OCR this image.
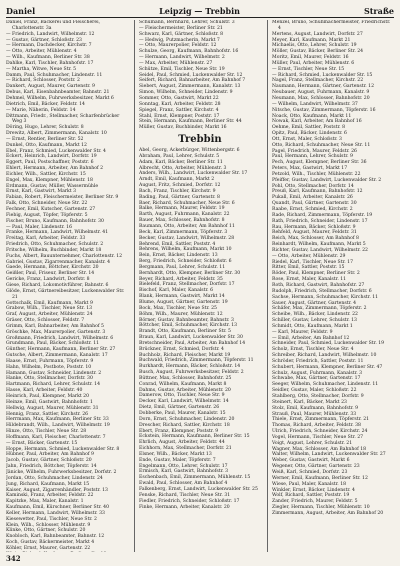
Daniel	Leipzig — Trebbin	Straße

Daniel, Franz, Bäckerei und Fleischerei, Charlottenstr. 3a

— Friedrich, Landwirt, Wilhelmstr. 12

— Gustav, Gärtner, Schloßstr. 23

— Hermann, Dachdecker, Kirchstr. 7

— Otto, Arbeiter, Mühlenstr. 4

— Wilh., Kaufmann, Berliner Str. 38

Dahlke, Karl, Tischler, Bahnhofstr. 17

— Martha, Witwe, Neue Str. 5

Damm, Paul, Schuhmacher, Lindenstr. 11

— Richard, Schlosser, Poststr. 2

Dankert, August, Maurer, Gartenstr. 9

Debus, Karl, Eisenbahnbeamter, Bahnstr. 21

Dehmel, Wilhelm, Fuhrwerksbesitzer, Markt 6

Dietrich, Emil, Bäcker, Feldstr. 14

— Marie, Näherin, Feldstr. 14

Dittmann, Friedr., Stellmacher, Scharfenbrücker Weg 3

Döring, Hugo, Lehrer, Schulstr. 8

Drewitz, Albert, Zimmermann, Kanalstr. 10

— Ernst, Rentier, Berliner Str. 52

Dunkel, Otto, Kaufmann, Markt 12

Ebel, Franz, Schmied, Luckenwalder Str. 4

Eckert, Heinrich, Landwirt, Dorfstr. 19

Eggert, Paul, Postschaffner, Poststr. 6

Ehlert, Hermann, Arbeiter, Am Bahnhof 2

Eichler, Wilh., Sattler, Kirchstr. 15

Engel, Max, Klempner, Mühlenstr. 18

Erdmann, Gustav, Müller, Wassermühle

Ernst, Karl, Gastwirt, Markt 3

Fabian, Robert, Fleischermeister, Berliner Str. 9

Falk, Otto, Schneider, Neue Str. 22

Fechner, Emil, Kutscher, Gartenstr. 27

Fiebig, August, Töpfer, Töpferstr. 5

Fischer, Bruno, Kaufmann, Bahnhofstr. 30

— Paul, Maler, Lindenstr. 16

Franke, Hermann, Landwirt, Wilhelmstr. 41

Freitag, Karl, Arbeiter, Feldstr. 33

Friedrich, Otto, Schuhmacher, Schulstr. 2

Fritsche, Wilhelm, Buchbinder, Markt 18

Fuchs, Albert, Bauunternehmer, Charlottenstr. 12

Gabriel, Gustav, Zigarrenmacher, Kanalstr. 4

Gaede, Hermann, Böttcher, Kirchstr. 20

Geißler, Paul, Friseur, Berliner Str. 14

Gericke, Franz, Landwirt, Dorfstr. 8

Giese, Richard, Lokomotivführer, Bahnstr. 6

Glöde, Ernst, Gärtnereibesitzer, Luckenwalder Str. 21

Gottschalk, Emil, Kaufmann, Markt 9

Grabow, Wilh., Tischler, Neue Str. 13

Graf, August, Arbeiter, Mühlenstr. 24

Gräser, Otto, Schlosser, Feldstr. 7

Grimm, Karl, Bahnarbeiter, Am Bahnhof 5

Gröschke, Max, Maurerpolier, Gartenstr. 3

Großmann, Friedrich, Landwirt, Wilhelmstr. 6

Grundmann, Paul, Bäcker, Schloßstr. 11

Günther, Hermann, Kaufmann, Berliner Str. 27

Gutsche, Albert, Zimmermann, Kanalstr. 17

Haase, Ernst, Fuhrmann, Töpferstr. 9

Hahn, Wilhelm, Postbote, Poststr. 10

Hamann, Gustav, Schneider, Lindenstr. 2

Hanke, Otto, Stellmacher, Dorfstr. 30

Hartmann, Richard, Lehrer, Schulstr. 14

Hasse, Karl, Arbeiter, Feldstr. 40

Heinrich, Paul, Klempner, Markt 20

Heinze, Emil, Gastwirt, Bahnhofstr. 1

Hellwig, August, Maurer, Mühlenstr. 31

Hennig, Franz, Sattler, Kirchstr. 26

Herrmann, Max, Kaufmann, Berliner Str. 33

Hildebrandt, Wilh., Landwirt, Wilhelmstr. 19

Hinze, Otto, Tischler, Neue Str. 28

Hoffmann, Karl, Fleischer, Charlottenstr. 7

— Ernst, Bäcker, Gartenstr. 15

Hoppe, Hermann, Schmied, Luckenwalder Str. 8

Hübner, Paul, Arbeiter, Am Bahnhof 9

Jacob, Gustav, Gärtner, Schloßstr. 20

Jahn, Friedrich, Böttcher, Töpferstr. 14

Jänicke, Wilhelm, Fuhrwerksbesitzer, Dorfstr. 2

Jordan, Otto, Schuhmacher, Lindenstr. 24

Jung, Richard, Kaufmann, Markt 15

Kaiser, August, Zigarrenhändler, Poststr. 13

Kaminski, Franz, Arbeiter, Feldstr. 22

Kapitzke, Max, Maler, Kanalstr. 1

Kaufmann, Emil, Kürschner, Berliner Str. 40

Keller, Hermann, Landwirt, Wilhelmstr. 33

Kiesewetter, Paul, Tischler, Neue Str. 2

Klein, Wilh., Schlosser, Mühlenstr. 9

Klinke, Otto, Gärtner, Schulstr. 20

Knobloch, Karl, Bahnbeamter, Bahnstr. 12

Koch, Gustav, Bäckermeister, Markt 4

Köhler, Ernst, Maurer, Gartenstr. 22

Schumann, Bernhard, Lehrer, Schulstr. 3

— Fleischermeister, Berliner Str. 21

Schwarz, Karl, Gärtner, Schloßstr. 8

— Hedwig, Putzmacherin, Markt 7

— Otto, Maurerpolier, Feldstr. 12

Schulze, Georg, Kaufmann, Bahnhofstr. 16

— Hermann, Landwirt, Wilhelmstr. 2

— Max, Arbeiter, Mühlenstr. 27

Schütze, Emil, Tischler, Neue Str. 19

Seidel, Paul, Schmied, Luckenwalder Str. 12

Seifert, Richard, Bahnarbeiter, Am Bahnhof 7

Siebert, August, Zimmermann, Kanalstr. 13

Simon, Wilhelm, Schneider, Lindenstr. 9

Sommer, Otto, Gastwirt, Markt 22

Sonntag, Karl, Arbeiter, Feldstr. 28

Spiegel, Franz, Sattler, Kirchstr. 4

Stahl, Ernst, Klempner, Poststr. 17

Stein, Hermann, Kaufmann, Berliner Str. 44

Müller, Gustav, Buchbinder, Markt 16

Trebbin

Abel, Georg, Ackerbürger, Wittenbergstr. 6

Abraham, Paul, Lehrer, Schulstr. 5

Adam, Karl, Bäcker, Berliner Str. 11

Albrecht, Otto, Arbeiter, Mühlenstr. 3

Anders, Wilh., Landwirt, Luckenwalder Str. 17

Arndt, Emil, Kaufmann, Markt 2

August, Fritz, Schmied, Dorfstr. 12

Bach, Franz, Tischler, Kirchstr. 9

Bading, Paul, Gärtner, Gartenstr. 8

Baer, Richard, Schuhmacher, Neue Str. 6

Balke, Hermann, Maurer, Feldstr. 19

Barth, August, Fuhrmann, Kanalstr. 22

Bauer, Max, Schlosser, Bahnhofstr. 8

Baumann, Otto, Arbeiter, Am Bahnhof 11

Beck, Karl, Zimmermann, Töpferstr. 3

Becker, Gustav, Landwirt, Wilhelmstr. 28

Behrend, Emil, Sattler, Poststr. 4

Behrens, Wilhelm, Kaufmann, Markt 10

Bein, Ernst, Bäcker, Lindenstr. 13

Berg, Friedrich, Schneider, Schloßstr. 6

Bergmann, Paul, Lehrer, Schulstr. 11

Bernhardt, Otto, Klempner, Berliner Str. 30

Beyer, Richard, Arbeiter, Feldstr. 35

Bielefeld, Franz, Stellmacher, Dorfstr. 17

Bischof, Karl, Maler, Kanalstr. 6

Blank, Hermann, Gastwirt, Markt 14

Blume, August, Gärtner, Gartenstr. 19

Bock, Max, Tischler, Neue Str. 25

Böhm, Wilh., Maurer, Mühlenstr. 12

Börner, Gustav, Bahnbeamter, Bahnstr. 3

Böttcher, Emil, Schuhmacher, Kirchstr. 13

Brandt, Otto, Kaufmann, Berliner Str. 5

Braun, Karl, Landwirt, Luckenwalder Str. 30

Bretschneider, Paul, Arbeiter, Am Bahnhof 14

Brückner, Ernst, Schmied, Dorfstr. 4

Buchholz, Richard, Fleischer, Markt 19

Buchwald, Friedrich, Zimmermann, Töpferstr. 11

Burkhardt, Hermann, Bäcker, Schloßstr. 14

Busch, August, Fuhrwerksbesitzer, Feldstr. 2

Büttner, Max, Schlosser, Bahnhofstr. 25

Conrad, Wilhelm, Kaufmann, Markt 8

Dahms, Gustav, Arbeiter, Mühlenstr. 20

Damerow, Otto, Tischler, Neue Str. 9

Decker, Karl, Landwirt, Wilhelmstr. 14

Dietz, Emil, Gärtner, Gartenstr. 26

Dobberke, Paul, Maurer, Kanalstr. 15

Dorn, Ernst, Schuhmacher, Lindenstr. 20

Drescher, Richard, Sattler, Kirchstr. 18

Ebert, Franz, Klempner, Poststr. 9

Eckstein, Hermann, Kaufmann, Berliner Str. 15

Ehrlich, August, Arbeiter, Feldstr. 44

Eichhorn, Max, Stellmacher, Dorfstr. 21

Elsner, Wilh., Bäcker, Markt 13

Ende, Gustav, Maler, Töpferstr. 7

Engelmann, Otto, Lehrer, Schulstr. 17

Ermisch, Karl, Gastwirt, Bahnhofstr. 3

Eschenbach, Emil, Zimmermann, Mühlenstr. 15

Ewald, Paul, Schlosser, Am Bahnhof 4

Falkenberg, Ernst, Landwirt, Luckenwalder Str. 25

Fenske, Richard, Tischler, Neue Str. 31

Fiedler, Friedrich, Schneider, Schloßstr. 17

Finke, Hermann, Arbeiter, Kanalstr. 20

Menzel, Bruno, Schuhmachermeister, Friedrichstr. 4

Mertens, August, Landwirt, Dorfstr. 27

Meyer, Karl, Kaufmann, Markt 21

Michaelis, Otto, Lehrer, Schulstr. 19

Möller, Gustav, Bäcker, Berliner Str. 24

Moritz, Emil, Maurer, Feldstr. 16

Müller, Paul, Arbeiter, Mühlenstr. 6

— Ernst, Tischler, Neue Str. 15

— Richard, Schmied, Luckenwalder Str. 15

Nagel, Franz, Stellmacher, Kirchstr. 22

Naumann, Hermann, Gärtner, Gartenstr. 12

Neubauer, August, Fuhrmann, Kanalstr. 9

Neumann, Max, Schlosser, Bahnhofstr. 20

— Wilhelm, Landwirt, Wilhelmstr. 37

Nitsche, Gustav, Zimmermann, Töpferstr. 16

Noack, Otto, Kaufmann, Markt 11

Nowak, Karl, Arbeiter, Am Bahnhof 16

Oehme, Emil, Sattler, Poststr. 8

Opitz, Paul, Bäcker, Lindenstr. 6

Ott, Ernst, Maler, Schloßstr. 3

Otto, Richard, Schuhmacher, Neue Str. 11

Pagel, Friedrich, Maurer, Feldstr. 26

Paul, Hermann, Lehrer, Schulstr. 9

Pech, August, Klempner, Berliner Str. 36

Peters, Max, Gastwirt, Markt 17

Petzold, Wilh., Tischler, Mühlenstr. 22

Pfeiffer, Gustav, Landwirt, Luckenwalder Str. 2

Pohl, Otto, Stellmacher, Dorfstr. 14

Preuß, Karl, Kaufmann, Bahnhofstr. 12

Pukall, Emil, Arbeiter, Kanalstr. 26

Quandt, Paul, Gärtner, Gartenstr. 30

Raabe, Ernst, Schmied, Kirchstr. 2

Rade, Richard, Zimmermann, Töpferstr. 19

Rath, Friedrich, Schneider, Lindenstr. 17

Rau, Hermann, Bäcker, Schloßstr. 9

Rehfeld, August, Maurer, Feldstr. 31

Reich, Max, Schlosser, Am Bahnhof 8

Reinhardt, Wilhelm, Kaufmann, Markt 5

Richter, Gustav, Landwirt, Wilhelmstr. 22

— Otto, Arbeiter, Mühlenstr. 29

Riedel, Karl, Tischler, Neue Str. 17

Ritter, Emil, Sattler, Poststr. 15

Röder, Paul, Klempner, Berliner Str. 2

Rose, Ernst, Maler, Kanalstr. 11

Roth, Richard, Gastwirt, Bahnhofstr. 27

Rudolph, Friedrich, Stellmacher, Dorfstr. 6

Sachse, Hermann, Schuhmacher, Kirchstr. 11

Sauer, August, Gärtner, Gartenstr. 4

Schäfer, Max, Zimmermann, Töpferstr. 2

Scheibe, Wilh., Bäcker, Lindenstr. 22

Schiller, Gustav, Lehrer, Schulstr. 13

Schmidt, Otto, Kaufmann, Markt 1

— Karl, Maurer, Feldstr. 9

— Emil, Arbeiter, Am Bahnhof 12

Schneider, Paul, Schmied, Luckenwalder Str. 19

Scholz, Ernst, Tischler, Neue Str. 4

Schreiber, Richard, Landwirt, Wilhelmstr. 10

Schröder, Friedrich, Sattler, Poststr. 11

Schubert, Hermann, Klempner, Berliner Str. 47

Schulz, August, Fuhrmann, Kanalstr. 3

Schwabe, Max, Gärtner, Gartenstr. 17

Seeger, Wilhelm, Schuhmacher, Lindenstr. 11

Seidler, Gustav, Maler, Schloßstr. 22

Stahlberg, Otto, Stellmacher, Dorfstr. 9

Steinert, Karl, Bäcker, Markt 23

Stolz, Emil, Kaufmann, Bahnhofstr. 9

Strauß, Paul, Maurer, Mühlenstr. 33

Thiele, Ernst, Zimmermann, Töpferstr. 21

Thomas, Richard, Arbeiter, Feldstr. 38

Ulrich, Friedrich, Schneider, Kirchstr. 24

Vogel, Hermann, Tischler, Neue Str. 27

Voigt, August, Lehrer, Schulstr. 21

Wagner, Max, Schlosser, Am Bahnhof 18

Walter, Wilhelm, Landwirt, Luckenwalder Str. 27

Weber, Gustav, Gastwirt, Markt 6

Wegener, Otto, Gärtner, Gartenstr. 23

Weiß, Karl, Schmied, Dorfstr. 23

Werner, Emil, Kaufmann, Berliner Str. 12

Wiese, Paul, Maler, Kanalstr. 18

Winkler, Ernst, Bäcker, Lindenstr. 4

Wolf, Richard, Sattler, Poststr. 19

Zander, Friedrich, Maurer, Feldstr. 5

Ziegler, Hermann, Tischler, Mühlenstr. 10

Zimmermann, August, Arbeiter, Am Bahnhof 20

342
